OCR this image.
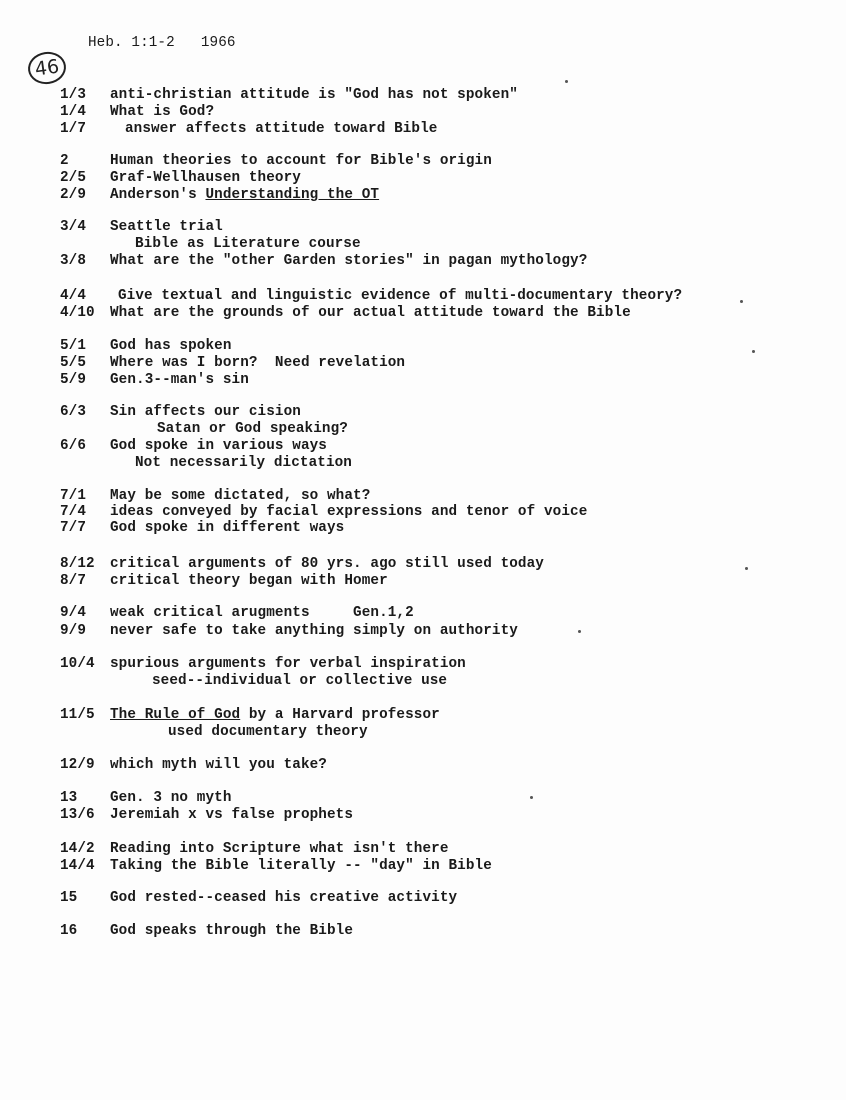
Heb. 1:1-2 1966
46
1/3 anti-christian attitude is "God has not spoken"
1/4 What is God?
1/7	answer affects attitude toward Bible
2	Human theories to account for Bible's origin
2/5 Graf-Wellhausen theory
2/9 Anderson's Understanding the OT
3/4 Seattle trial
Bible as Literature course
3/8 What are the "other Garden stories" in pagan mythology?
4/4 Give textual and linguistic evidence of multi-documentary theory?
4/10 What are the grounds of our actual attitude toward the Bible
5/1 God has spoken
5/5 Where was I born?  Need revelation
5/9 Gen.3--man's sin
6/3 Sin affects our cision
Satan or God speaking?
6/6 God spoke in various ways
Not necessarily dictation
7/1 May be some dictated, so what?
7/4 ideas conveyed by facial expressions and tenor of voice
7/7 God spoke in different ways
8/12 critical arguments of 80 yrs. ago still used today
8/7 critical theory began with Homer
9/4 weak critical arugments     Gen.1,2
9/9 never safe to take anything simply on authority
10/4 spurious arguments for verbal inspiration
seed--individual or collective use
11/5 The Rule of God by a Harvard professor
used documentary theory
12/9 which myth will you take?
13 Gen. 3 no myth
13/6 Jeremiah x vs false prophets
14/2 Reading into Scripture what isn't there
14/4 Taking the Bible literally -- "day" in Bible
15 God rested--ceased his creative activity
16 God speaks through the Bible
